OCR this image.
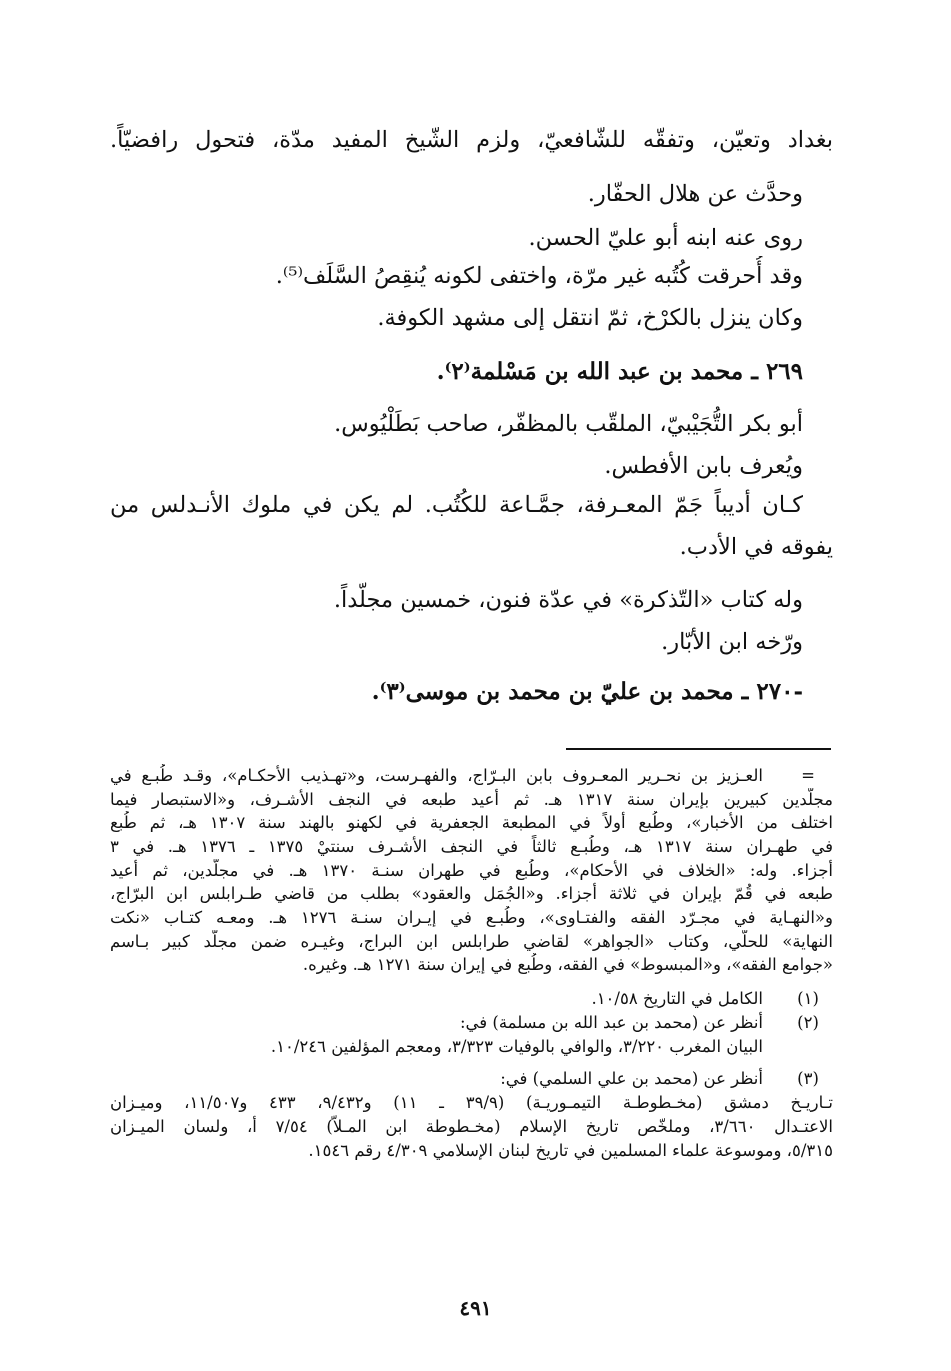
بغداد وتعيّن، وتفقّه للشّافعيّ، ولزم الشّيخ المفيد مدّة، فتحول رافضيّاً.
وحدَّث عن هلال الحفّار.
روى عنه ابنه أبو عليّ الحسن.
وقد أُحرقت كُتُبه غير مرّة، واختفى لكونه يُنقِصُ السَّلَف⁽⁵⁾.
وكان ينزل بالكرْخ، ثمّ انتقل إلى مشهد الكوفة.
٢٦٩ ـ محمد بن عبد الله بن مَسْلمة⁽٢⁾.
أبو بكر التُّجَيْبيّ، الملقّب بالمظفّر، صاحب بَطَلْيُوس.
ويُعرف بابن الأفطس.
كـان أديباً جَمّ المعـرفة، جمَّـاعة للكُتُب. لم يكن في ملوك الأنـدلس من
يفوقه في الأدب.
وله كتاب «التّذكرة» في عدّة فنون، خمسين مجلّداً.
ورّخه ابن الأبّار.
-٢٧٠ ـ محمد بن عليّ بن محمد بن موسى⁽٣⁾.
=
العـزيز بن نحـرير المعـروف بابن البـرّاج، والفهـرست، و«تهـذيب الأحكـام»، وقـد طُبـع في
مجلّدين كبيرين بإيران سنة ١٣١٧ هـ. ثم أعيد طبعه في النجف الأشـرف، و«الاستبصار فيما
اختلف من الأخبار»، وطُبع أولاً في المطبعة الجعفرية في لكهنو بالهند سنة ١٣٠٧ هـ، ثم طُبع
في طهـران سنة ١٣١٧ هـ، وطُبـع ثالثاً في النجف الأشـرف سنتيْ ١٣٧٥ ـ ١٣٧٦ هـ. في ٣
أجزاء. وله: «الخلاف في الأحكام»، وطُبع في طهران سنـة ١٣٧٠ هـ. في مجلّدين، ثم أعيد
طبعه في قُمّ بإيران في ثلاثة أجزاء. و«الجُمَل والعقود» بطلب من قاضي طـرابلس ابن البرّاج،
و«النهـاية في مجـرّد الفقه والفتـاوى»، وطُبـع في إيـران سنـة ١٢٧٦ هـ. ومعـه كتـاب «نكت
النهاية» للحلّي، وكتاب «الجواهر» لقاضي طرابلس ابن البراج، وغيـره ضمن مجلّد كبير بـاسم
«جوامع الفقه»، و«المبسوط» في الفقه، وطُبع في إيران سنة ١٢٧١ هـ. وغيره.
(١)
الكامل في التاريخ ١٠/٥٨.
(٢)
أنظر عن (محمد بن عبد الله بن مسلمة) في:
البيان المغرب ٣/٢٢٠، والوافي بالوفيات ٣/٣٢٣، ومعجم المؤلفين ١٠/٢٤٦.
(٣)
أنظر عن (محمد بن علي السلمي) في:
تـاريـخ دمشق (مخـطوطـة التيمـوريـة) (٣٩/٩ ـ ١١) و٩/٤٣٢، ٤٣٣ و١١/٥٠٧، وميـزان
الاعتـدال ٣/٦٦٠، وملخّص تاريخ الإسلام (مخـطوطة ابن المـلاّ) ٧/٥٤ أ، ولسان الميـزان
٥/٣١٥، وموسوعة علماء المسلمين في تاريخ لبنان الإسلامي ٤/٣٠٩ رقم ١٥٤٦.
٤٩١
